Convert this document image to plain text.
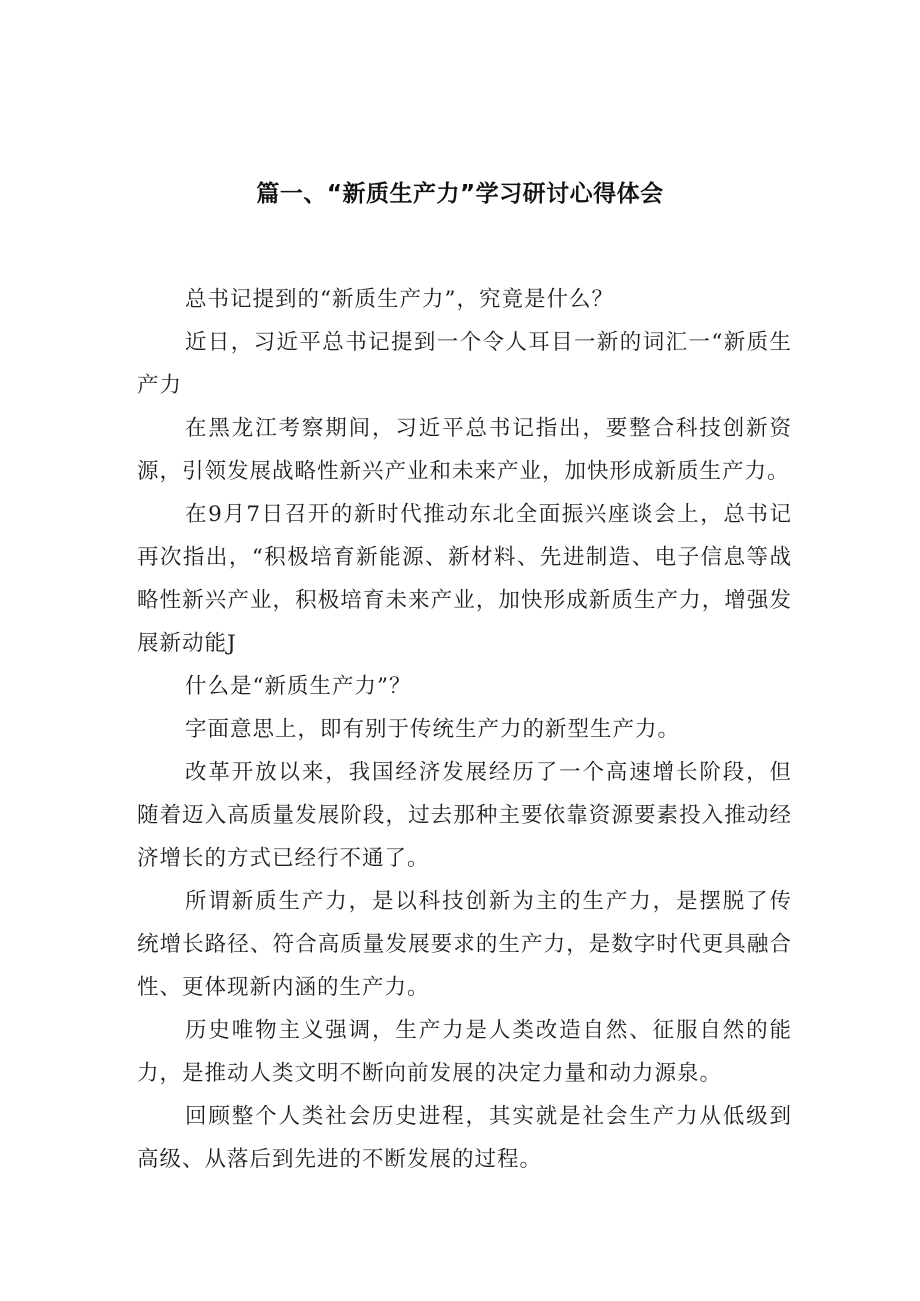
篇一、“新质生产力”学习研讨心得体会

总书记提到的“新质生产力”，究竟是什么？

近日，习近平总书记提到一个令人耳目一新的词汇一“新质生产力

在黑龙江考察期间，习近平总书记指出，要整合科技创新资源，引领发展战略性新兴产业和未来产业，加快形成新质生产力。

在9月7日召开的新时代推动东北全面振兴座谈会上，总书记再次指出，“积极培育新能源、新材料、先进制造、电子信息等战略性新兴产业，积极培育未来产业，加快形成新质生产力，增强发展新动能J

什么是“新质生产力”？

字面意思上，即有别于传统生产力的新型生产力。

改革开放以来，我国经济发展经历了一个高速增长阶段，但随着迈入高质量发展阶段，过去那种主要依靠资源要素投入推动经济增长的方式已经行不通了。

所谓新质生产力，是以科技创新为主的生产力，是摆脱了传统增长路径、符合高质量发展要求的生产力，是数字时代更具融合性、更体现新内涵的生产力。

历史唯物主义强调，生产力是人类改造自然、征服自然的能力，是推动人类文明不断向前发展的决定力量和动力源泉。

回顾整个人类社会历史进程，其实就是社会生产力从低级到高级、从落后到先进的不断发展的过程。
